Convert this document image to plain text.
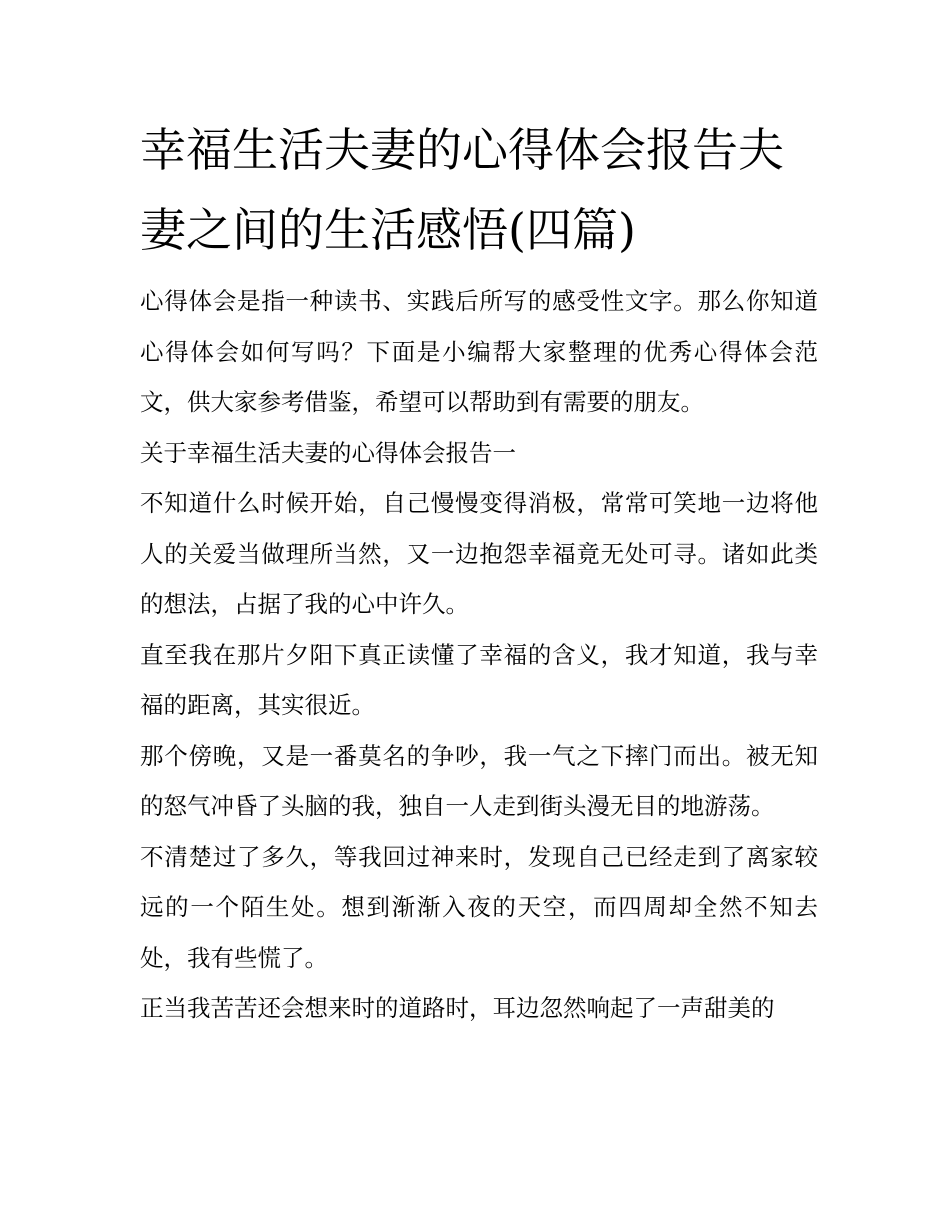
幸福生活夫妻的心得体会报告夫妻之间的生活感悟(四篇)

心得体会是指一种读书、实践后所写的感受性文字。那么你知道心得体会如何写吗？下面是小编帮大家整理的优秀心得体会范文，供大家参考借鉴，希望可以帮助到有需要的朋友。

关于幸福生活夫妻的心得体会报告一

不知道什么时候开始，自己慢慢变得消极，常常可笑地一边将他人的关爱当做理所当然，又一边抱怨幸福竟无处可寻。诸如此类的想法，占据了我的心中许久。

直至我在那片夕阳下真正读懂了幸福的含义，我才知道，我与幸福的距离，其实很近。

那个傍晚，又是一番莫名的争吵，我一气之下摔门而出。被无知的怒气冲昏了头脑的我，独自一人走到街头漫无目的地游荡。

不清楚过了多久，等我回过神来时，发现自己已经走到了离家较远的一个陌生处。想到渐渐入夜的天空，而四周却全然不知去处，我有些慌了。

正当我苦苦还会想来时的道路时，耳边忽然响起了一声甜美的
